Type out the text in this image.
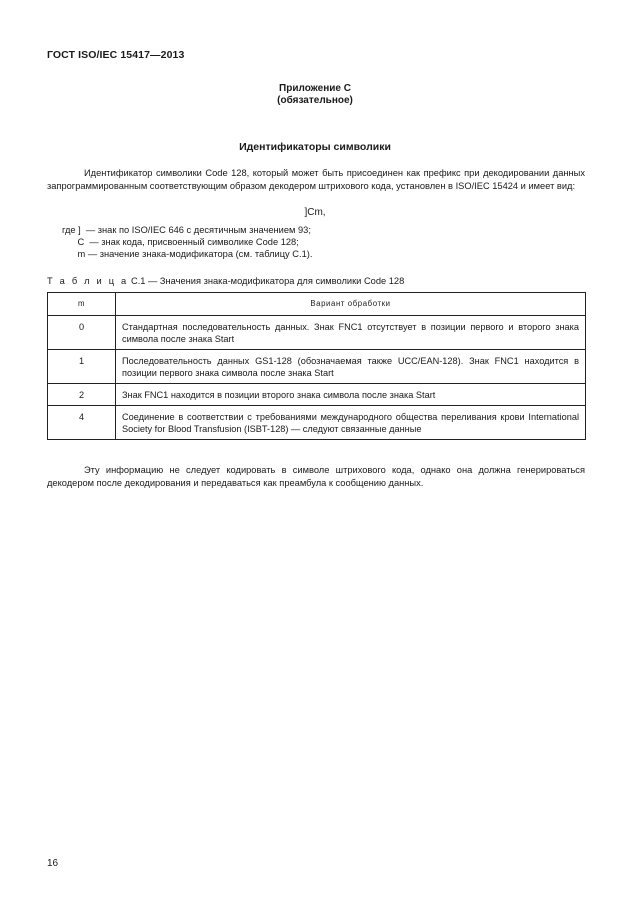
ГОСТ ISO/IEC 15417—2013
Приложение С
(обязательное)
Идентификаторы символики
Идентификатор символики Code 128, который может быть присоединен как префикс при декодировании данных запрограммированным соответствующим образом декодером штрихового кода, установлен в ISO/IEC 15424 и имеет вид:
]Cm,
где ]  — знак по ISO/IEC 646 с десятичным значением 93;
С  — знак кода, присвоенный символике Code 128;
m — значение знака-модификатора (см. таблицу С.1).
Т а б л и ц а С.1 — Значения знака-модификатора для символики Code 128
m	Вариант обработки
0	Стандартная последовательность данных. Знак FNC1 отсутствует в позиции первого и второго знака символа после знака Start
1	Последовательность данных GS1-128 (обозначаемая также UCC/EAN-128). Знак FNC1 находится в позиции первого знака символа после знака Start
2	Знак FNC1 находится в позиции второго знака символа после знака Start
4	Соединение в соответствии с требованиями международного общества переливания крови International Society for Blood Transfusion (ISBT-128) — следуют связанные данные
Эту информацию не следует кодировать в символе штрихового кода, однако она должна генерироваться декодером после декодирования и передаваться как преамбула к сообщению данных.
16
